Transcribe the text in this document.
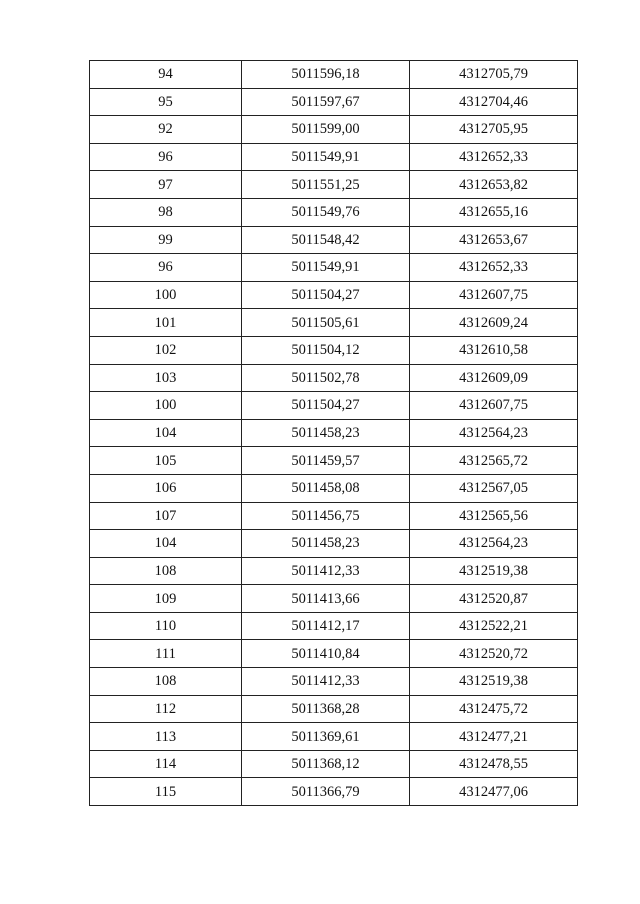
94	5011596,18	4312705,79
95	5011597,67	4312704,46
92	5011599,00	4312705,95
96	5011549,91	4312652,33
97	5011551,25	4312653,82
98	5011549,76	4312655,16
99	5011548,42	4312653,67
96	5011549,91	4312652,33
100	5011504,27	4312607,75
101	5011505,61	4312609,24
102	5011504,12	4312610,58
103	5011502,78	4312609,09
100	5011504,27	4312607,75
104	5011458,23	4312564,23
105	5011459,57	4312565,72
106	5011458,08	4312567,05
107	5011456,75	4312565,56
104	5011458,23	4312564,23
108	5011412,33	4312519,38
109	5011413,66	4312520,87
110	5011412,17	4312522,21
111	5011410,84	4312520,72
108	5011412,33	4312519,38
112	5011368,28	4312475,72
113	5011369,61	4312477,21
114	5011368,12	4312478,55
115	5011366,79	4312477,06
